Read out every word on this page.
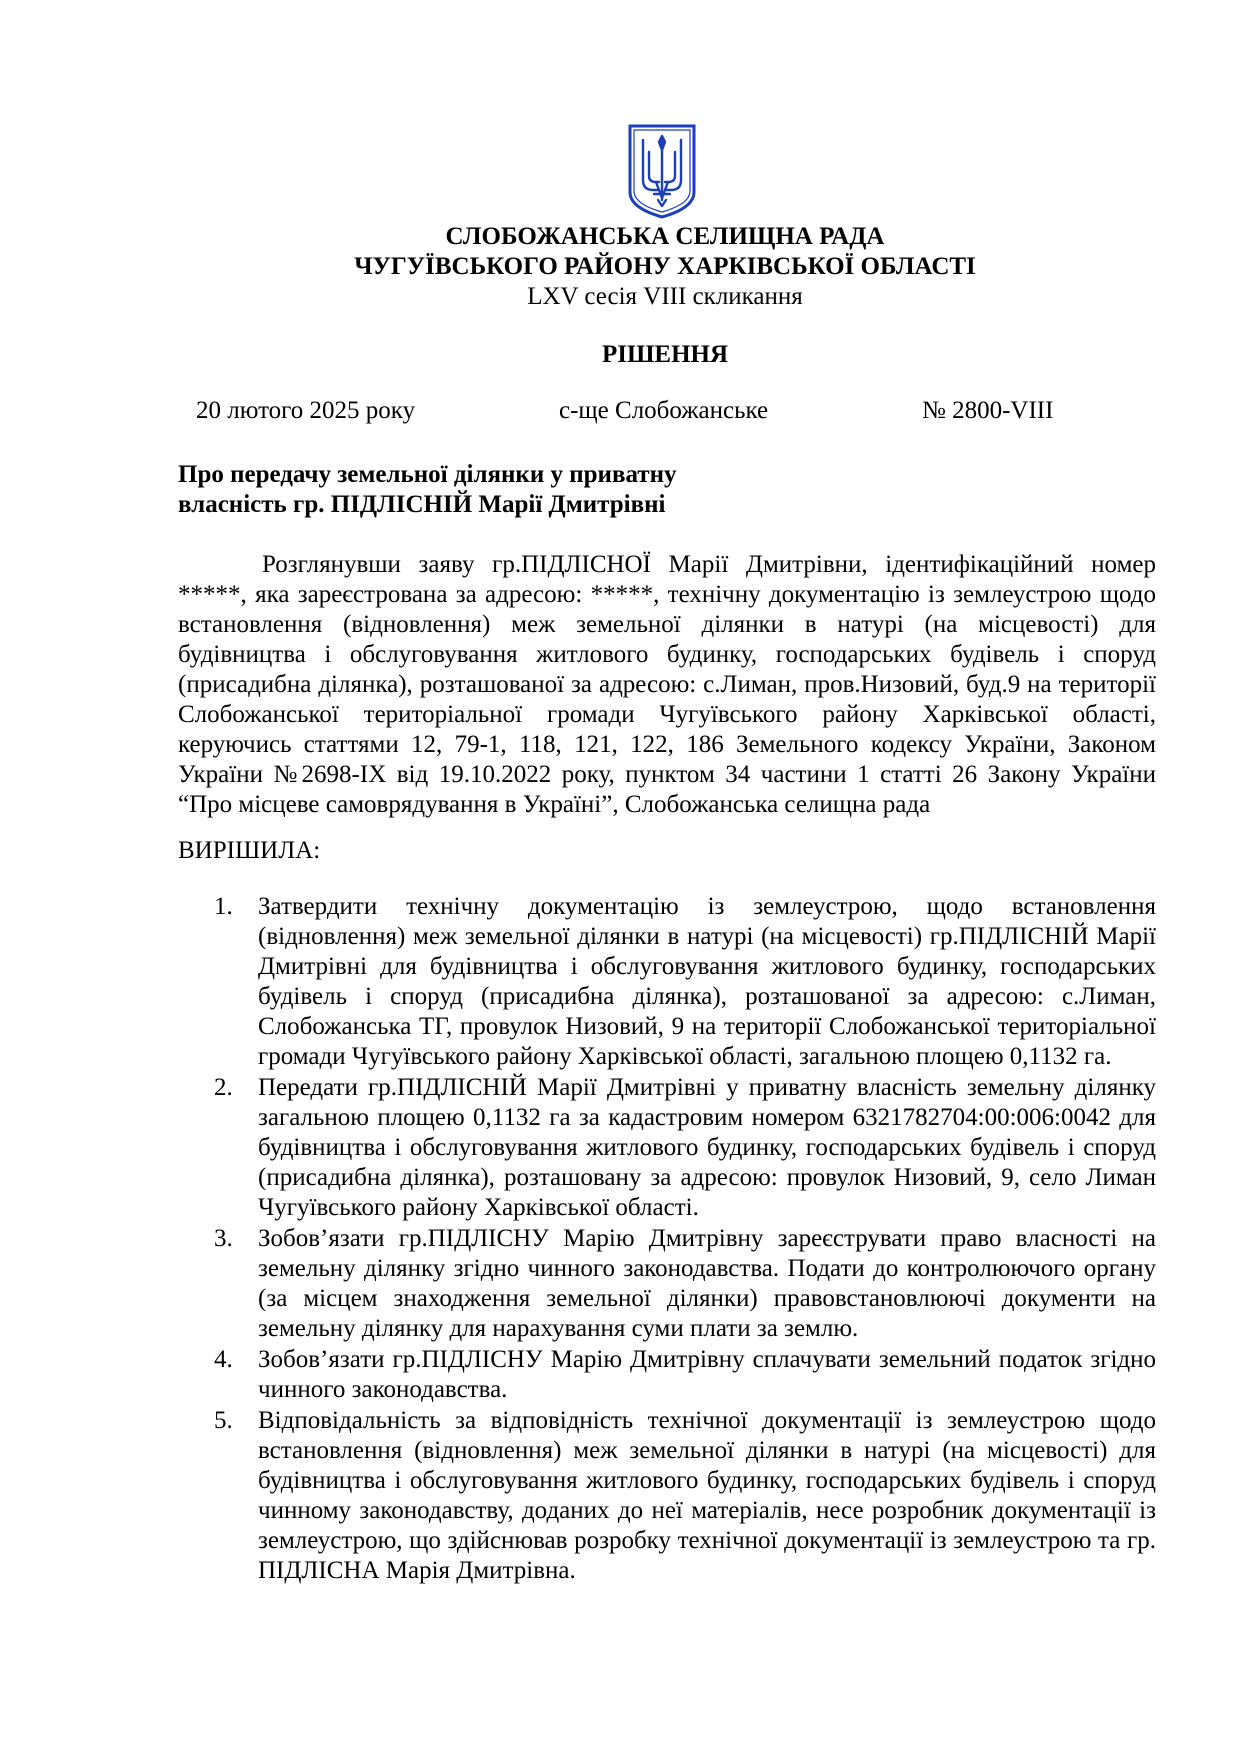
СЛОБОЖАНСЬКА СЕЛИЩНА РАДА
ЧУГУЇВСЬКОГО РАЙОНУ ХАРКІВСЬКОЇ ОБЛАСТІ
LXV сесія VIII скликання
РІШЕННЯ
20 лютого 2025 року	с-ще Слобожанське	№ 2800-VIII
Про передачу земельної ділянки у приватну
власність гр. ПІДЛІСНІЙ Марії Дмитрівні
Розглянувши заяву гр.ПІДЛІСНОЇ Марії Дмитрівни, ідентифікаційний номер *****, яка зареєстрована за адресою: *****, технічну документацію із землеустрою щодо встановлення (відновлення) меж земельної ділянки в натурі (на місцевості) для будівництва і обслуговування житлового будинку, господарських будівель і споруд (присадибна ділянка), розташованої за адресою: с.Лиман, пров.Низовий, буд.9 на території Слобожанської територіальної громади Чугуївського району Харківської області, керуючись статтями 12, 79-1, 118, 121, 122, 186 Земельного кодексу України, Законом України №2698-IX від 19.10.2022 року, пунктом 34 частини 1 статті 26 Закону України “Про місцеве самоврядування в Україні”, Слобожанська селищна рада
ВИРІШИЛА:
1. Затвердити технічну документацію із землеустрою, щодо встановлення (відновлення) меж земельної ділянки в натурі (на місцевості) гр.ПІДЛІСНІЙ Марії Дмитрівні для будівництва і обслуговування житлового будинку, господарських будівель і споруд (присадибна ділянка), розташованої за адресою: с.Лиман, Слобожанська ТГ, провулок Низовий, 9 на території Слобожанської територіальної громади Чугуївського району Харківської області, загальною площею 0,1132 га.
2. Передати гр.ПІДЛІСНІЙ Марії Дмитрівні у приватну власність земельну ділянку загальною площею 0,1132 га за кадастровим номером 6321782704:00:006:0042 для будівництва і обслуговування житлового будинку, господарських будівель і споруд (присадибна ділянка), розташовану за адресою: провулок Низовий, 9, село Лиман Чугуївського району Харківської області.
3. Зобов’язати гр.ПІДЛІСНУ Марію Дмитрівну зареєструвати право власності на земельну ділянку згідно чинного законодавства. Подати до контролюючого органу (за місцем знаходження земельної ділянки) правовстановлюючі документи на земельну ділянку для нарахування суми плати за землю.
4. Зобов’язати гр.ПІДЛІСНУ Марію Дмитрівну сплачувати земельний податок згідно чинного законодавства.
5. Відповідальність за відповідність технічної документації із землеустрою щодо встановлення (відновлення) меж земельної ділянки в натурі (на місцевості) для будівництва і обслуговування житлового будинку, господарських будівель і споруд чинному законодавству, доданих до неї матеріалів, несе розробник документації із землеустрою, що здійснював розробку технічної документації із землеустрою та гр. ПІДЛІСНА Марія Дмитрівна.
